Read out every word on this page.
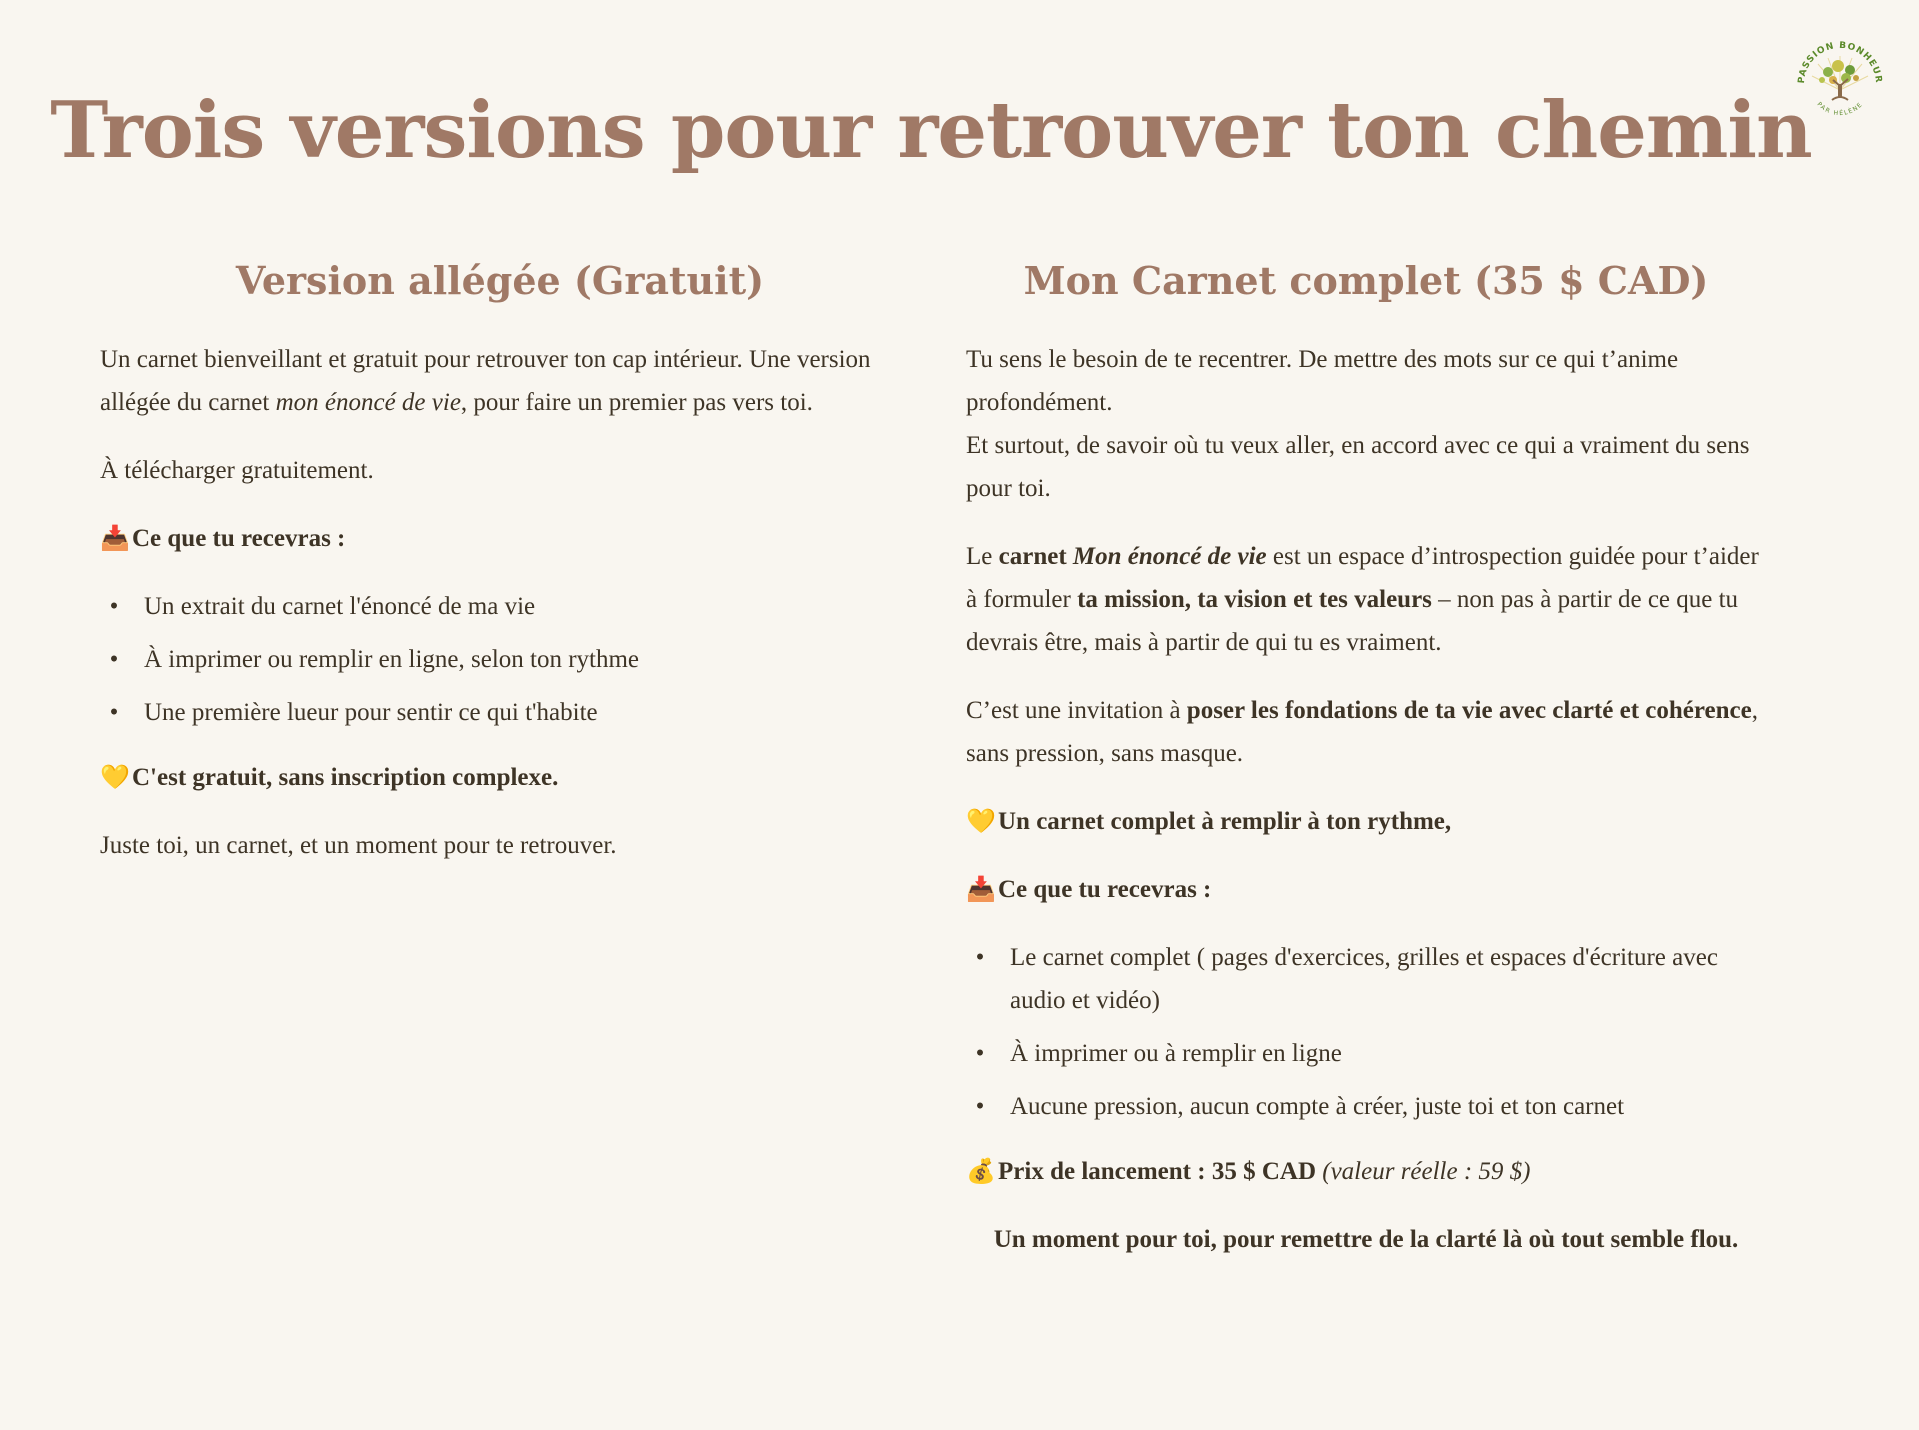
PASSION BONHEUR
PAR HÉLÈNE
Trois versions pour retrouver ton chemin
Version allégée (Gratuit)

Un carnet bienveillant et gratuit pour retrouver ton cap intérieur. Une version allégée du carnet mon énoncé de vie, pour faire un premier pas vers toi.

À télécharger gratuitement.

📥Ce que tu recevras :

• Un extrait du carnet l'énoncé de ma vie
• À imprimer ou remplir en ligne, selon ton rythme
• Une première lueur pour sentir ce qui t'habite

💛C'est gratuit, sans inscription complexe.

Juste toi, un carnet, et un moment pour te retrouver.

Mon Carnet complet (35 $ CAD)

Tu sens le besoin de te recentrer. De mettre des mots sur ce qui t’anime profondément.
Et surtout, de savoir où tu veux aller, en accord avec ce qui a vraiment du sens pour toi.

Le carnet Mon énoncé de vie est un espace d’introspection guidée pour t’aider à formuler ta mission, ta vision et tes valeurs – non pas à partir de ce que tu devrais être, mais à partir de qui tu es vraiment.

C’est une invitation à poser les fondations de ta vie avec clarté et cohérence, sans pression, sans masque.

💛Un carnet complet à remplir à ton rythme,

📥Ce que tu recevras :

• Le carnet complet ( pages d'exercices, grilles et espaces d'écriture avec audio et vidéo)
• À imprimer ou à remplir en ligne
• Aucune pression, aucun compte à créer, juste toi et ton carnet

💰Prix de lancement : 35 $ CAD (valeur réelle : 59 $)

Un moment pour toi, pour remettre de la clarté là où tout semble flou.
